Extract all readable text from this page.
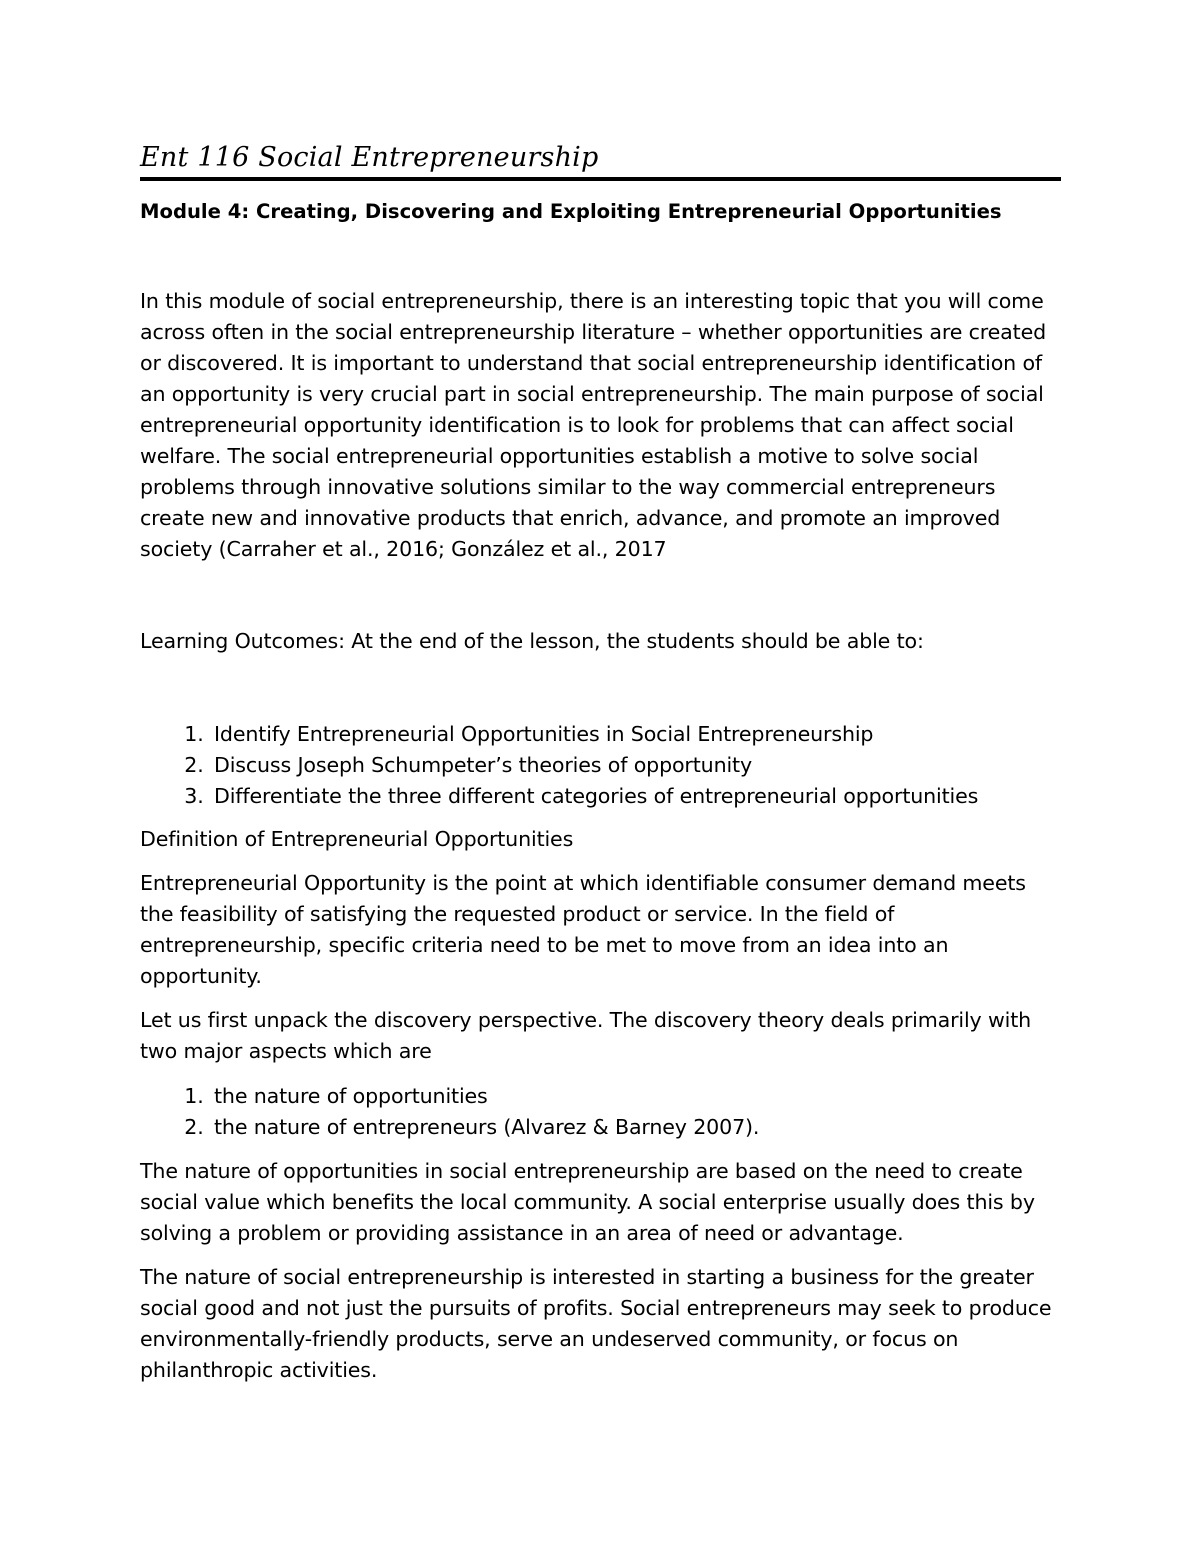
Ent 116 Social Entrepreneurship

Module 4: Creating, Discovering and Exploiting Entrepreneurial Opportunities

In this module of social entrepreneurship, there is an interesting topic that you will come across often in the social entrepreneurship literature – whether opportunities are created or discovered. It is important to understand that social entrepreneurship identification of an opportunity is very crucial part in social entrepreneurship. The main purpose of social entrepreneurial opportunity identification is to look for problems that can affect social welfare. The social entrepreneurial opportunities establish a motive to solve social problems through innovative solutions similar to the way commercial entrepreneurs create new and innovative products that enrich, advance, and promote an improved society (Carraher et al., 2016; González et al., 2017

Learning Outcomes: At the end of the lesson, the students should be able to:

1. Identify Entrepreneurial Opportunities in Social Entrepreneurship
2. Discuss Joseph Schumpeter’s theories of opportunity
3. Differentiate the three different categories of entrepreneurial opportunities

Definition of Entrepreneurial Opportunities

Entrepreneurial Opportunity is the point at which identifiable consumer demand meets the feasibility of satisfying the requested product or service. In the field of entrepreneurship, specific criteria need to be met to move from an idea into an opportunity.

Let us first unpack the discovery perspective. The discovery theory deals primarily with two major aspects which are

1. the nature of opportunities
2. the nature of entrepreneurs (Alvarez & Barney 2007).

The nature of opportunities in social entrepreneurship are based on the need to create social value which benefits the local community. A social enterprise usually does this by solving a problem or providing assistance in an area of need or advantage.

The nature of social entrepreneurship is interested in starting a business for the greater social good and not just the pursuits of profits. Social entrepreneurs may seek to produce environmentally-friendly products, serve an undeserved community, or focus on philanthropic activities.
